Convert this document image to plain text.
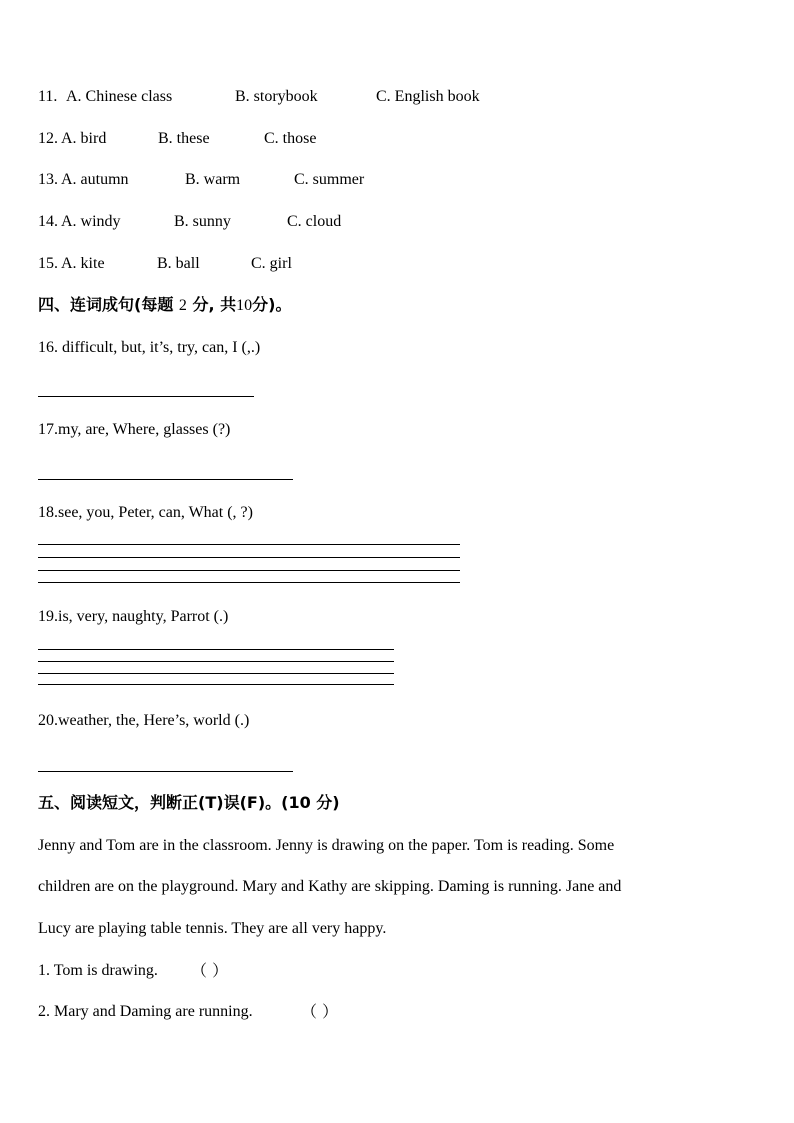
11. A. Chinese class	B. storybook	C. English book
12. A. bird	B. these	C. those
13. A. autumn	B. warm	C. summer
14. A. windy	B. sunny	C. cloud
15. A. kite	B. ball	C. girl
四、连词成句(每题 2 分, 共10分)。
16. difficult, but, it’s, try, can, I (,.)
17.my, are, Where, glasses (?)
18.see, you, Peter, can, What (, ?)
19.is, very, naughty, Parrot (.)
20.weather, the, Here’s, world (.)
五、阅读短文，判断正(T)误(F)。(10 分)
Jenny and Tom are in the classroom. Jenny is drawing on the paper. Tom is reading. Some
children are on the playground. Mary and Kathy are skipping. Daming is running. Jane and
Lucy are playing table tennis. They are all very happy.
1. Tom is drawing. （ ）
2. Mary and Daming are running.	（ ）
